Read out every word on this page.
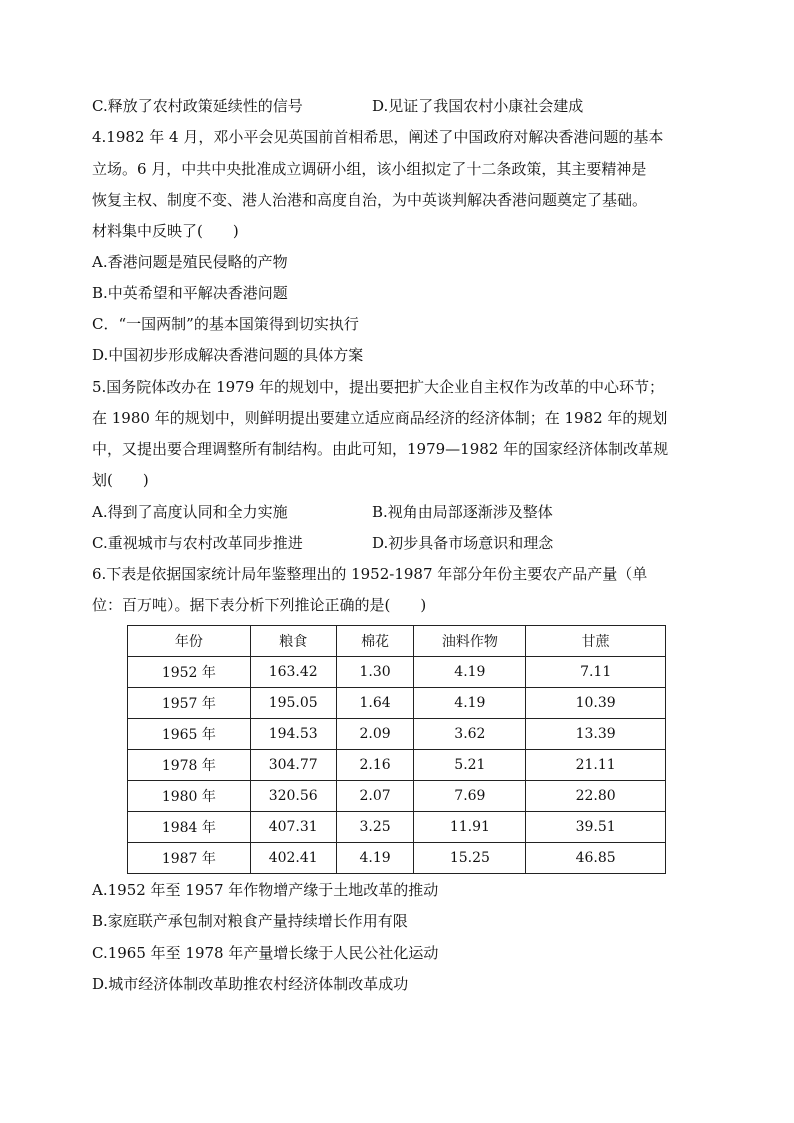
C.释放了农村政策延续性的信号	D.见证了我国农村小康社会建成
4.1982 年 4 月，邓小平会见英国前首相希思，阐述了中国政府对解决香港问题的基本
立场。6 月，中共中央批准成立调研小组，该小组拟定了十二条政策，其主要精神是
恢复主权、制度不变、港人治港和高度自治，为中英谈判解决香港问题奠定了基础。
材料集中反映了(　　)
A.香港问题是殖民侵略的产物
B.中英希望和平解决香港问题
C．“一国两制”的基本国策得到切实执行
D.中国初步形成解决香港问题的具体方案
5.国务院体改办在 1979 年的规划中，提出要把扩大企业自主权作为改革的中心环节；
在 1980 年的规划中，则鲜明提出要建立适应商品经济的经济体制；在 1982 年的规划
中，又提出要合理调整所有制结构。由此可知，1979—1982 年的国家经济体制改革规
划(　　)
A.得到了高度认同和全力实施	B.视角由局部逐渐涉及整体
C.重视城市与农村改革同步推进	D.初步具备市场意识和理念
6.下表是依据国家统计局年鉴整理出的 1952-1987 年部分年份主要农产品产量（单
位：百万吨）。据下表分析下列推论正确的是(　　)
年份	粮食	棉花	油料作物	甘蔗
1952 年	163.42	1.30	4.19	7.11
1957 年	195.05	1.64	4.19	10.39
1965 年	194.53	2.09	3.62	13.39
1978 年	304.77	2.16	5.21	21.11
1980 年	320.56	2.07	7.69	22.80
1984 年	407.31	3.25	11.91	39.51
1987 年	402.41	4.19	15.25	46.85
A.1952 年至 1957 年作物增产缘于土地改革的推动
B.家庭联产承包制对粮食产量持续增长作用有限
C.1965 年至 1978 年产量增长缘于人民公社化运动
D.城市经济体制改革助推农村经济体制改革成功
